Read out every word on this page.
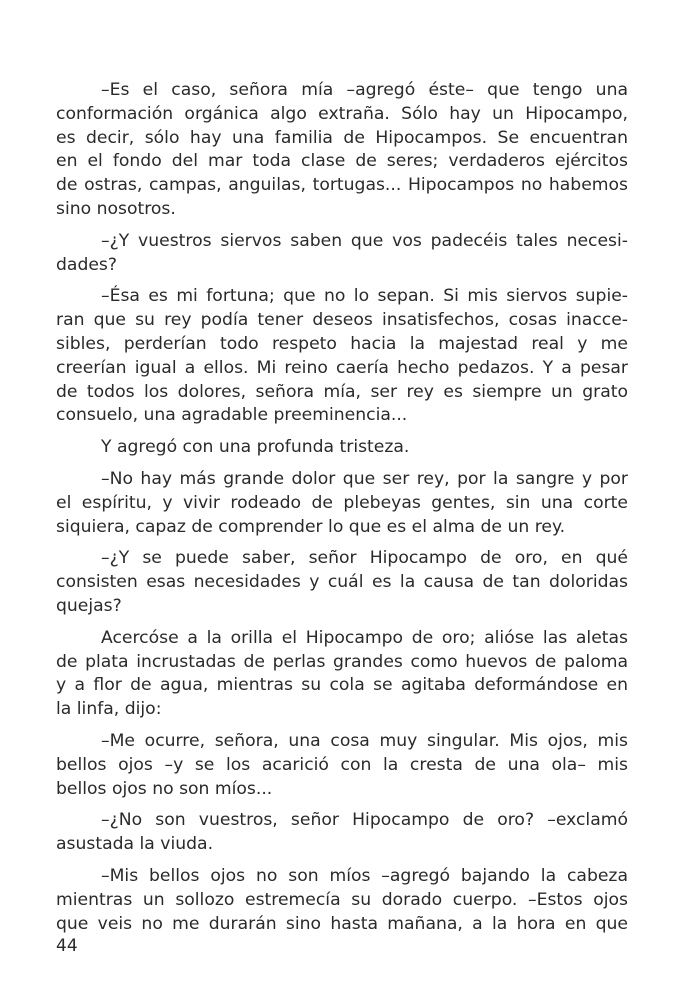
–Es el caso, señora mía –agregó éste– que tengo una
conformación orgánica algo extraña. Sólo hay un Hipocampo,
es decir, sólo hay una familia de Hipocampos. Se encuentran
en el fondo del mar toda clase de seres; verdaderos ejércitos
de ostras, campas, anguilas, tortugas... Hipocampos no habemos
sino nosotros.
–¿Y vuestros siervos saben que vos padecéis tales necesi-
dades?
–Ésa es mi fortuna; que no lo sepan. Si mis siervos supie-
ran que su rey podía tener deseos insatisfechos, cosas inacce-
sibles, perderían todo respeto hacia la majestad real y me
creerían igual a ellos. Mi reino caería hecho pedazos. Y a pesar
de todos los dolores, señora mía, ser rey es siempre un grato
consuelo, una agradable preeminencia...
Y agregó con una profunda tristeza.
–No hay más grande dolor que ser rey, por la sangre y por
el espíritu, y vivir rodeado de plebeyas gentes, sin una corte
siquiera, capaz de comprender lo que es el alma de un rey.
–¿Y se puede saber, señor Hipocampo de oro, en qué
consisten esas necesidades y cuál es la causa de tan doloridas
quejas?
Acercóse a la orilla el Hipocampo de oro; alióse las aletas
de plata incrustadas de perlas grandes como huevos de paloma
y a flor de agua, mientras su cola se agitaba deformándose en
la linfa, dijo:
–Me ocurre, señora, una cosa muy singular. Mis ojos, mis
bellos ojos –y se los acarició con la cresta de una ola– mis
bellos ojos no son míos...
–¿No son vuestros, señor Hipocampo de oro? –exclamó
asustada la viuda.
–Mis bellos ojos no son míos –agregó bajando la cabeza
mientras un sollozo estremecía su dorado cuerpo. –Estos ojos
que veis no me durarán sino hasta mañana, a la hora en que
44
